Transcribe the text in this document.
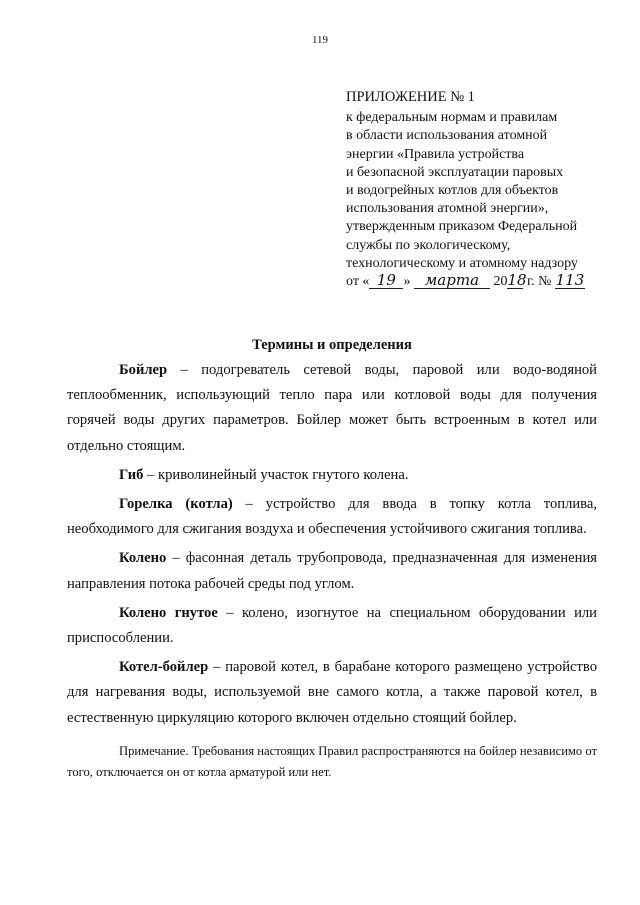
119
ПРИЛОЖЕНИЕ № 1
к федеральным нормам и правилам
в области использования атомной
энергии «Правила устройства
и безопасной эксплуатации паровых
и водогрейных котлов для объектов
использования атомной энергии»,
утвержденным приказом Федеральной
службы по экологическому,
технологическому и атомному надзору
от « 19 » марта 2018 г. № 113
Термины и определения

Бойлер – подогреватель сетевой воды, паровой или водо-водяной теплообменник, использующий тепло пара или котловой воды для получения горячей воды других параметров. Бойлер может быть встроенным в котел или отдельно стоящим.

Гиб – криволинейный участок гнутого колена.

Горелка (котла) – устройство для ввода в топку котла топлива, необходимого для сжигания воздуха и обеспечения устойчивого сжигания топлива.

Колено – фасонная деталь трубопровода, предназначенная для изменения направления потока рабочей среды под углом.

Колено гнутое – колено, изогнутое на специальном оборудовании или приспособлении.

Котел-бойлер – паровой котел, в барабане которого размещено устройство для нагревания воды, используемой вне самого котла, а также паровой котел, в естественную циркуляцию которого включен отдельно стоящий бойлер.

Примечание. Требования настоящих Правил распространяются на бойлер независимо от того, отключается он от котла арматурой или нет.
